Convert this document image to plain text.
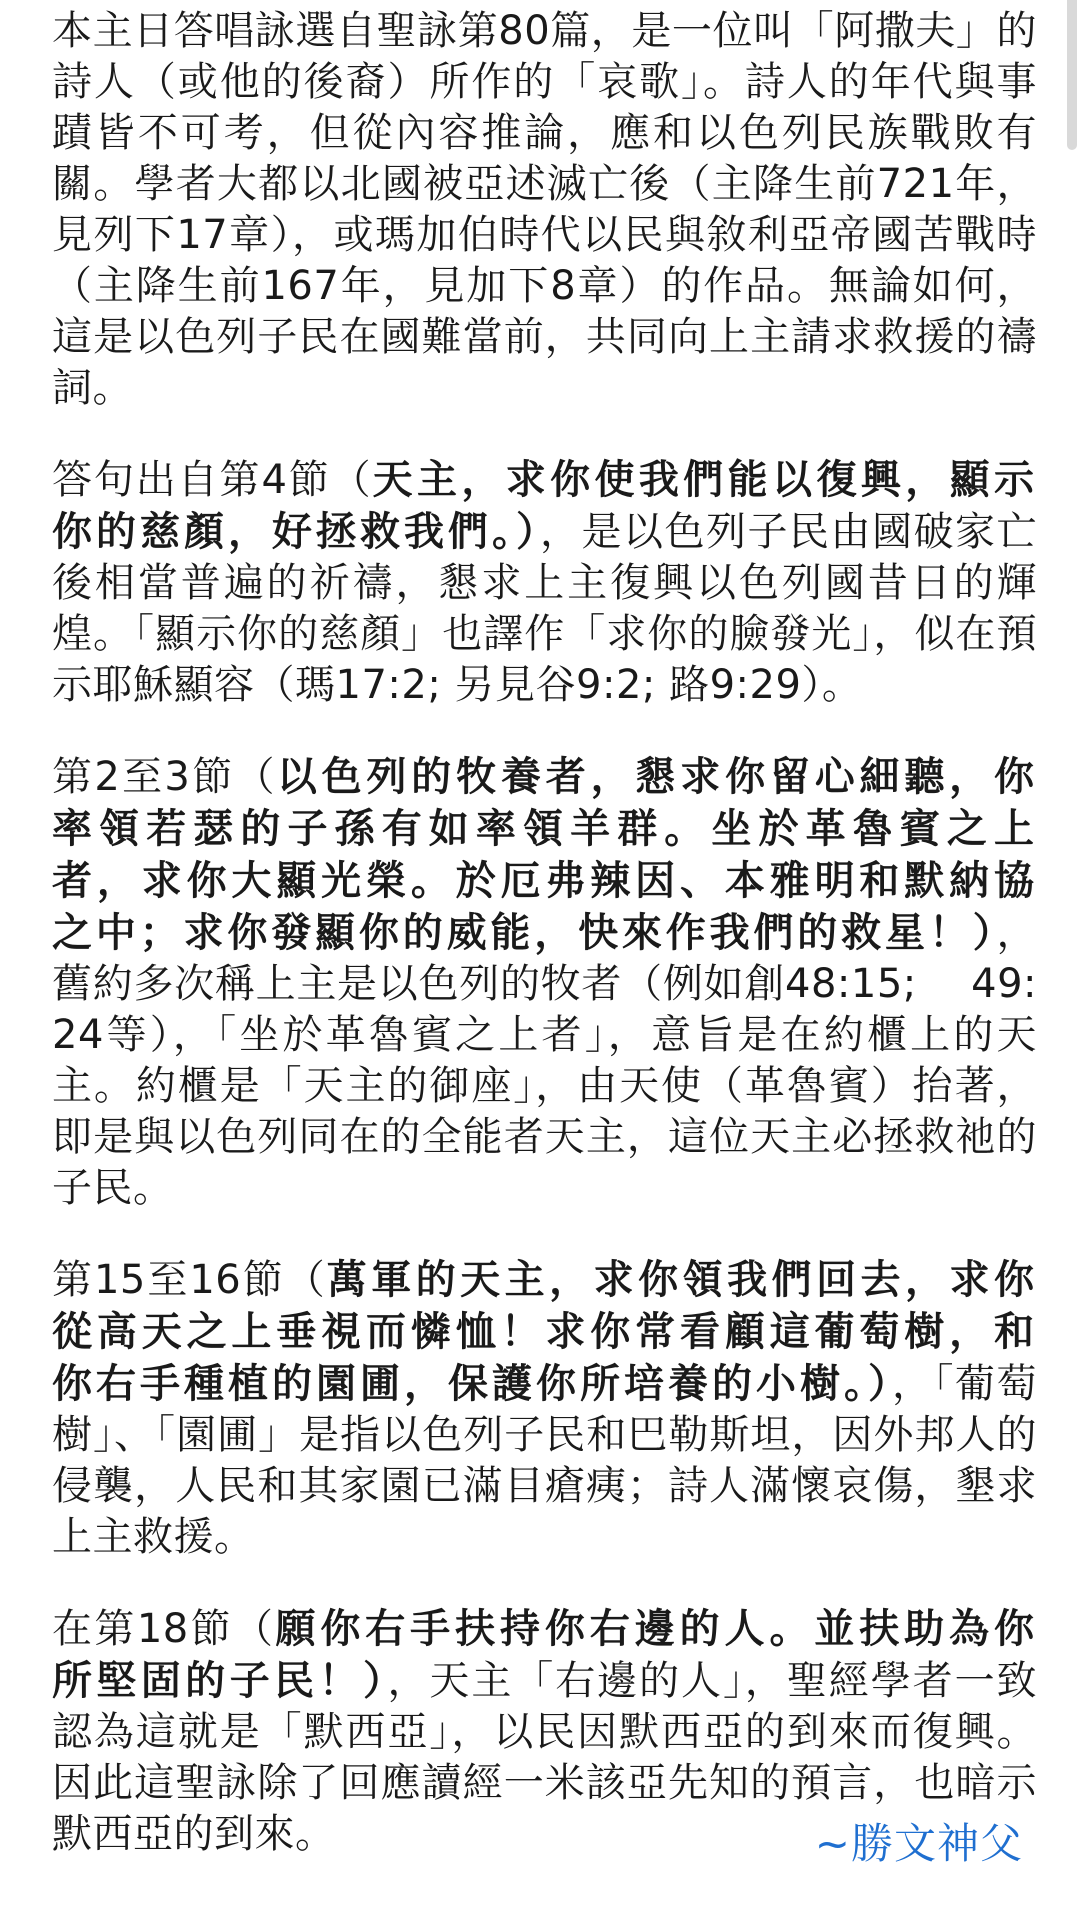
本主日答唱詠選自聖詠第80篇，是一位叫「阿撒夫」的詩人（或他的後裔）所作的「哀歌」。詩人的年代與事蹟皆不可考，但從內容推論，應和以色列民族戰敗有關。學者大都以北國被亞述滅亡後（主降生前721年，見列下17章），或瑪加伯時代以民與敘利亞帝國苦戰時（主降生前167年，見加下8章）的作品。無論如何，這是以色列子民在國難當前，共同向上主請求救援的禱詞。

答句出自第4節（天主，求你使我們能以復興，顯示你的慈顏，好拯救我們。），是以色列子民由國破家亡後相當普遍的祈禱，懇求上主復興以色列國昔日的輝煌。「顯示你的慈顏」也譯作「求你的臉發光」，似在預示耶穌顯容（瑪17:2; 另見谷9:2; 路9:29）。

第2至3節（以色列的牧養者，懇求你留心細聽，你率領若瑟的子孫有如率領羊群。坐於革魯賓之上者，求你大顯光榮。於厄弗辣因、本雅明和默納協之中；求你發顯你的威能，快來作我們的救星！），舊約多次稱上主是以色列的牧者（例如創48:15;　 49:24等），「坐於革魯賓之上者」，意旨是在約櫃上的天主。約櫃是「天主的御座」，由天使（革魯賓）抬著，即是與以色列同在的全能者天主，這位天主必拯救祂的子民。

第15至16節（萬軍的天主，求你領我們回去，求你從高天之上垂視而憐恤！求你常看顧這葡萄樹，和你右手種植的園圃，保護你所培養的小樹。），「葡萄樹」、「園圃」是指以色列子民和巴勒斯坦，因外邦人的侵襲，人民和其家園已滿目瘡痍；詩人滿懷哀傷，墾求上主救援。

在第18節（願你右手扶持你右邊的人。並扶助為你所堅固的子民！），天主「右邊的人」，聖經學者一致認為這就是「默西亞」，以民因默西亞的到來而復興。因此這聖詠除了回應讀經一米該亞先知的預言，也暗示默西亞的到來。	~勝文神父
